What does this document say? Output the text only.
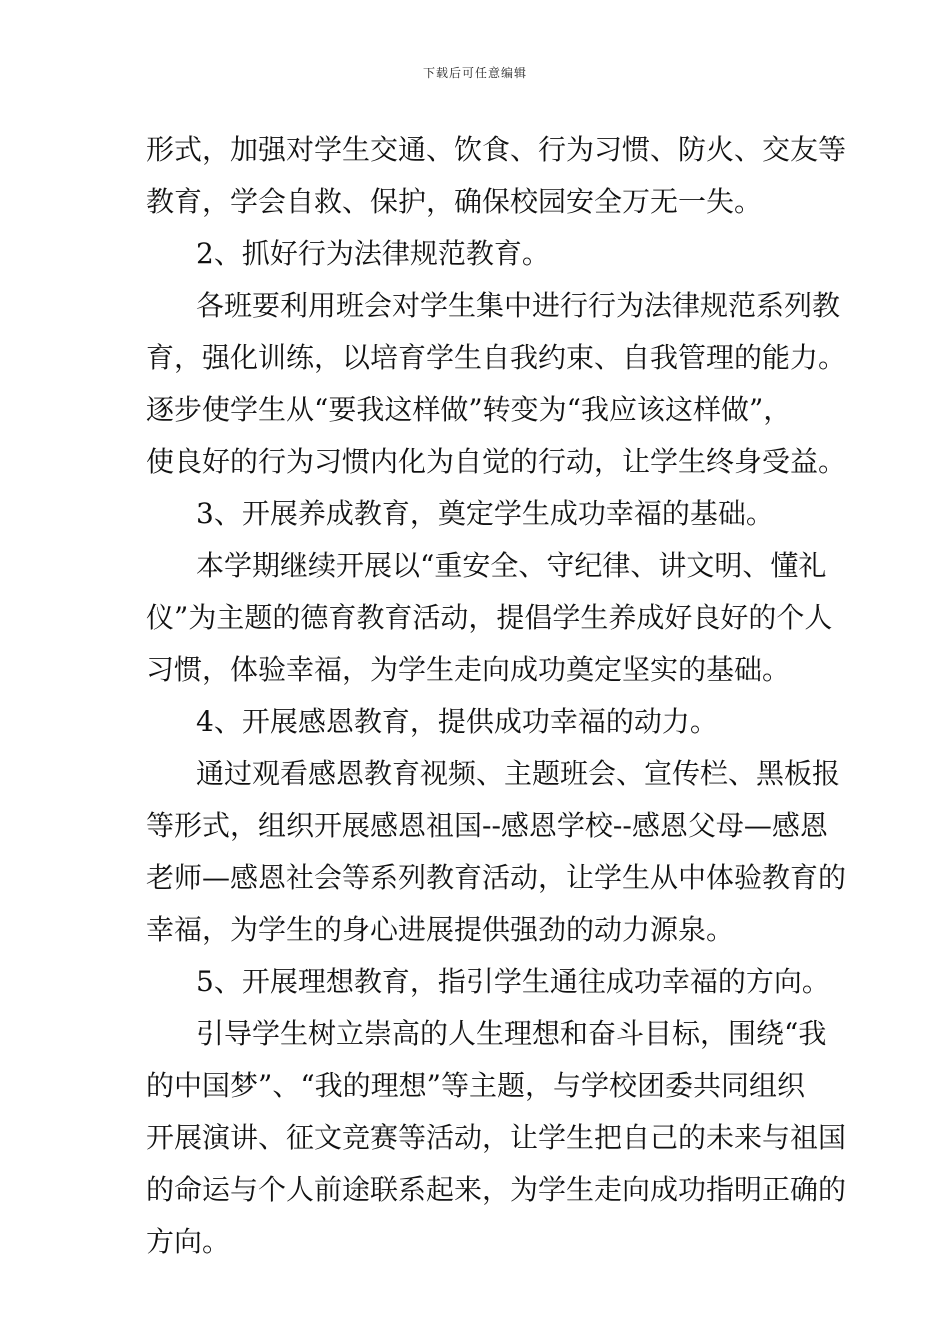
下载后可任意编辑
形式，加强对学生交通、饮食、行为习惯、防火、交友等
教育，学会自救、保护，确保校园安全万无一失。
2、抓好行为法律规范教育。
各班要利用班会对学生集中进行行为法律规范系列教
育，强化训练，以培育学生自我约束、自我管理的能力。
逐步使学生从“要我这样做”转变为“我应该这样做”，
使良好的行为习惯内化为自觉的行动，让学生终身受益。
3、开展养成教育，奠定学生成功幸福的基础。
本学期继续开展以“重安全、守纪律、讲文明、懂礼
仪”为主题的德育教育活动，提倡学生养成好良好的个人
习惯，体验幸福，为学生走向成功奠定坚实的基础。
4、开展感恩教育，提供成功幸福的动力。
通过观看感恩教育视频、主题班会、宣传栏、黑板报
等形式，组织开展感恩祖国--感恩学校--感恩父母—感恩
老师—感恩社会等系列教育活动，让学生从中体验教育的
幸福，为学生的身心进展提供强劲的动力源泉。
5、开展理想教育，指引学生通往成功幸福的方向。
引导学生树立崇高的人生理想和奋斗目标，围绕“我
的中国梦”、“我的理想”等主题，与学校团委共同组织
开展演讲、征文竞赛等活动，让学生把自己的未来与祖国
的命运与个人前途联系起来，为学生走向成功指明正确的
方向。
